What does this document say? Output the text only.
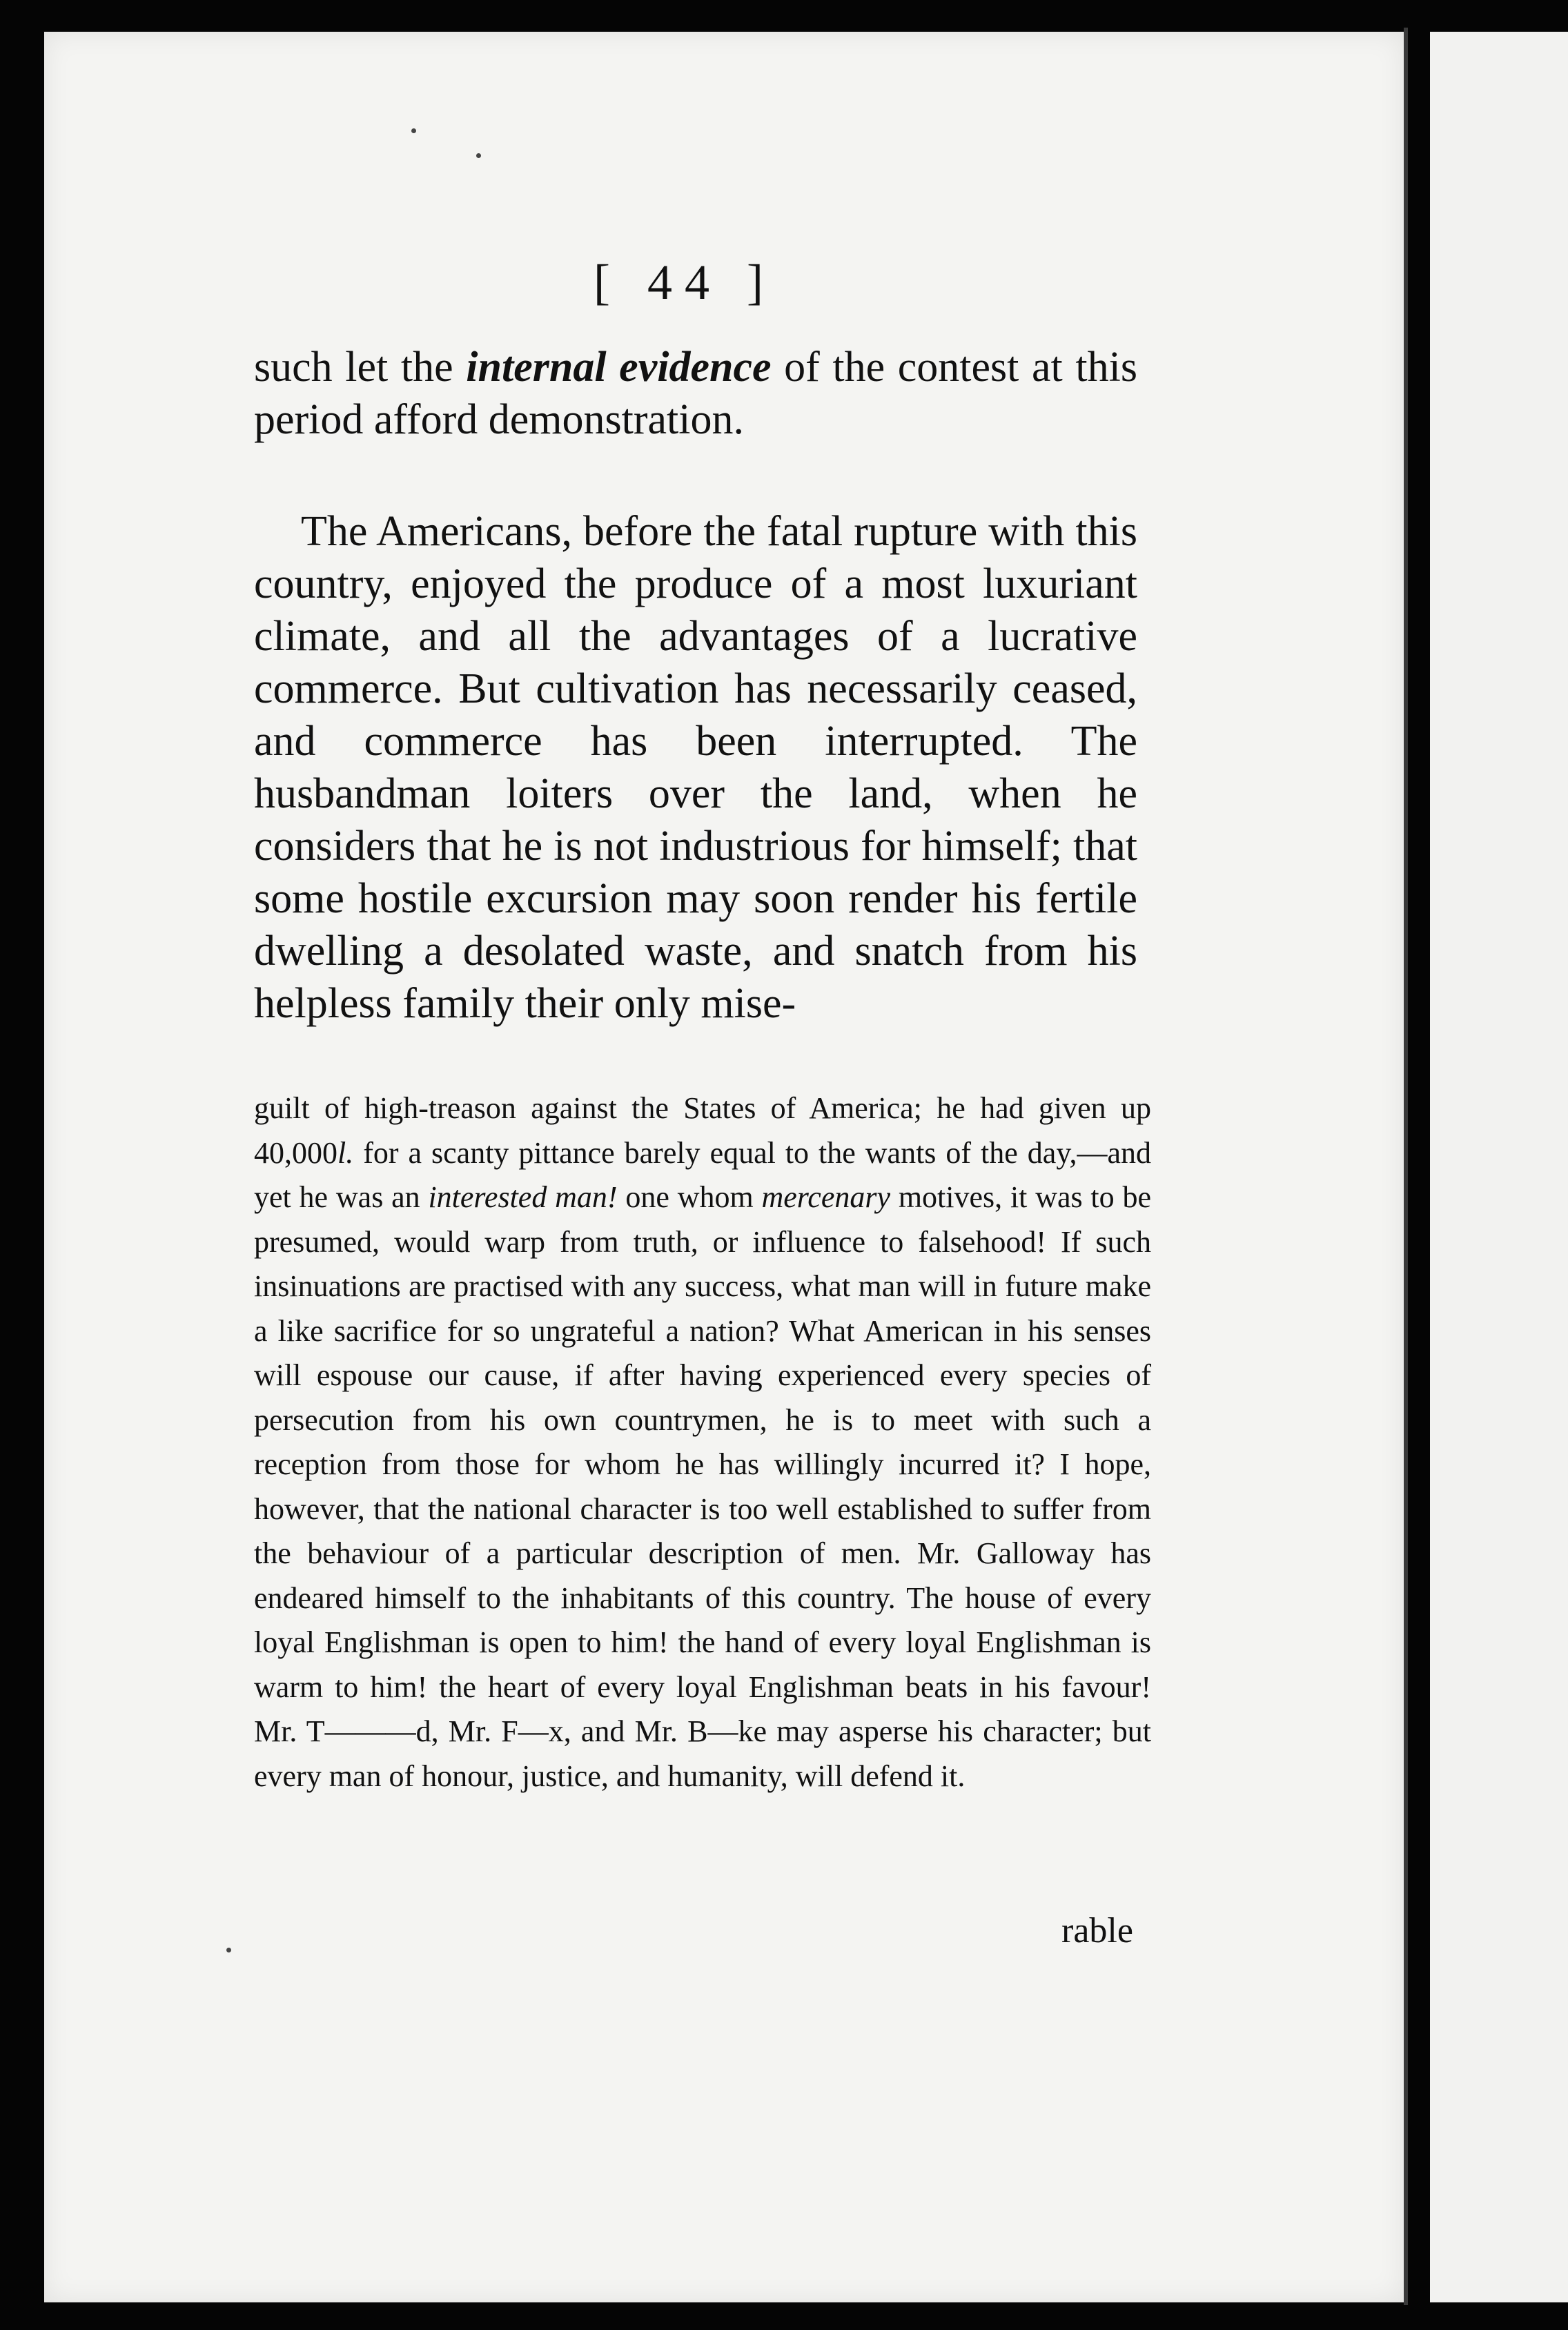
[ 44 ]
such let the internal evidence of the contest at this period afford demonstration.
The Americans, before the fatal rupture with this country, enjoyed the produce of a most luxuriant climate, and all the advantages of a lucrative commerce. But cultivation has necessarily ceased, and commerce has been interrupted. The husbandman loiters over the land, when he considers that he is not industrious for himself; that some hostile excursion may soon render his fertile dwelling a desolated waste, and snatch from his helpless family their only mise-
guilt of high-treason against the States of America; he had given up 40,000l. for a scanty pittance barely equal to the wants of the day,—and yet he was an interested man! one whom mercenary motives, it was to be presumed, would warp from truth, or influence to falsehood! If such insinuations are practised with any success, what man will in future make a like sacrifice for so ungrateful a nation? What American in his senses will espouse our cause, if after having experienced every species of persecution from his own countrymen, he is to meet with such a reception from those for whom he has willingly incurred it? I hope, however, that the national character is too well established to suffer from the behaviour of a particular description of men. Mr. Galloway has endeared himself to the inhabitants of this country. The house of every loyal Englishman is open to him! the hand of every loyal Englishman is warm to him! the heart of every loyal Englishman beats in his favour! Mr. T———d, Mr. F—x, and Mr. B—ke may asperse his character; but every man of honour, justice, and humanity, will defend it.
rable
